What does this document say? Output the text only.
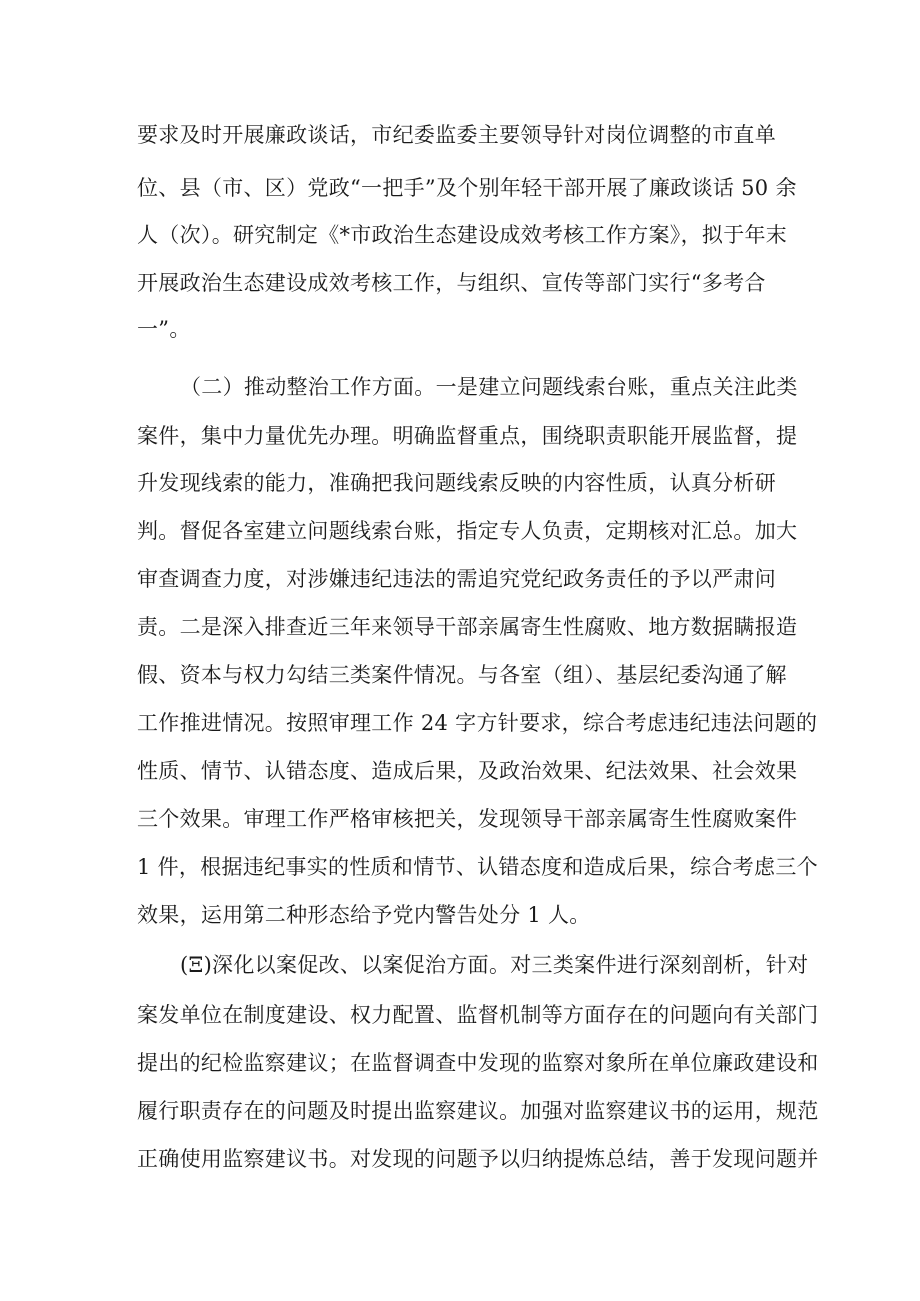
要求及时开展廉政谈话，市纪委监委主要领导针对岗位调整的市直单
位、县（市、区）党政“一把手”及个别年轻干部开展了廉政谈话 50 余
人（次）。研究制定《*市政治生态建设成效考核工作方案》，拟于年末
开展政治生态建设成效考核工作，与组织、宣传等部门实行“多考合
一”。
（二）推动整治工作方面。一是建立问题线索台账，重点关注此类
案件，集中力量优先办理。明确监督重点，围绕职责职能开展监督，提
升发现线索的能力，准确把我问题线索反映的内容性质，认真分析研
判。督促各室建立问题线索台账，指定专人负责，定期核对汇总。加大
审查调查力度，对涉嫌违纪违法的需追究党纪政务责任的予以严肃问
责。二是深入排查近三年来领导干部亲属寄生性腐败、地方数据瞒报造
假、资本与权力勾结三类案件情况。与各室（组）、基层纪委沟通了解
工作推进情况。按照审理工作 24 字方针要求，综合考虑违纪违法问题的
性质、情节、认错态度、造成后果，及政治效果、纪法效果、社会效果
三个效果。审理工作严格审核把关，发现领导干部亲属寄生性腐败案件
1 件，根据违纪事实的性质和情节、认错态度和造成后果，综合考虑三个
效果，运用第二种形态给予党内警告处分 1 人。
(Ξ)深化以案促改、以案促治方面。对三类案件进行深刻剖析，针对
案发单位在制度建设、权力配置、监督机制等方面存在的问题向有关部门
提出的纪检监察建议；在监督调查中发现的监察对象所在单位廉政建设和
履行职责存在的问题及时提出监察建议。加强对监察建议书的运用，规范
正确使用监察建议书。对发现的问题予以归纳提炼总结，善于发现问题并
